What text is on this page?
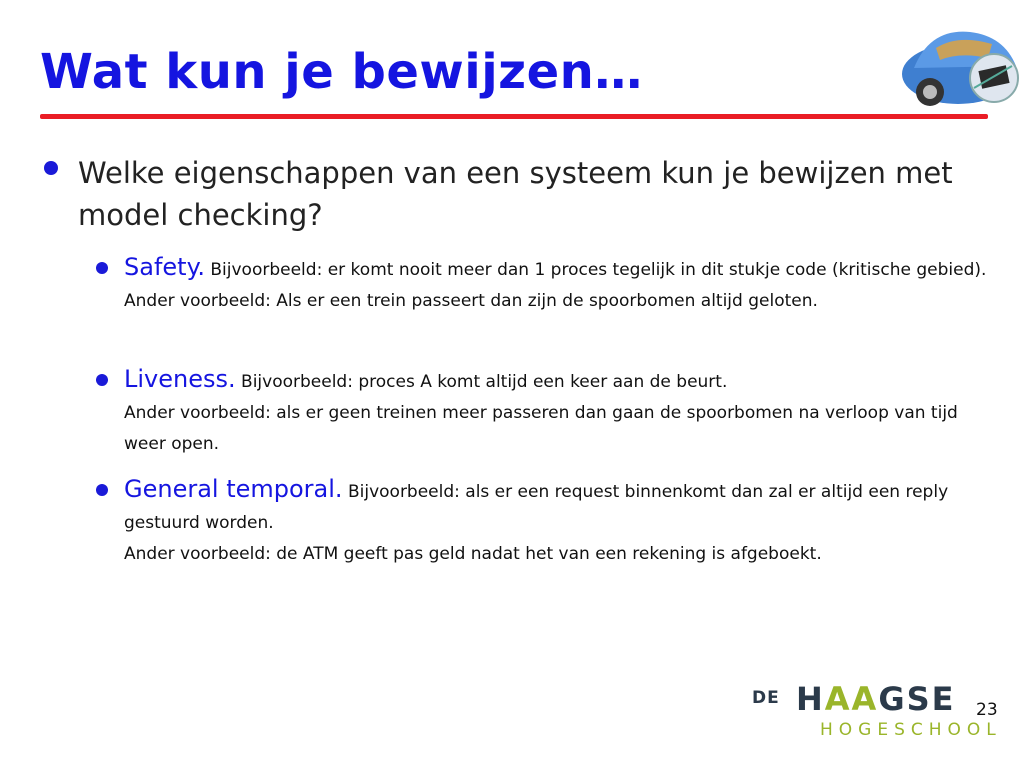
Wat kun je bewijzen…
Welke eigenschappen van een systeem kun je bewijzen met model checking?
Safety. Bijvoorbeeld: er komt nooit meer dan 1 proces tegelijk in dit stukje code (kritische gebied).
Ander voorbeeld: Als er een trein passeert dan zijn de spoorbomen altijd geloten.
Liveness. Bijvoorbeeld: proces A komt altijd een keer aan de beurt.
Ander voorbeeld: als er geen treinen meer passeren dan gaan de spoorbomen na verloop van tijd weer open.
General temporal. Bijvoorbeeld: als er een request binnenkomt dan zal er altijd een reply gestuurd worden.
Ander voorbeeld: de ATM geeft pas geld nadat het van een rekening is afgeboekt.
DE HAAGSE
HOGESCHOOL
23
